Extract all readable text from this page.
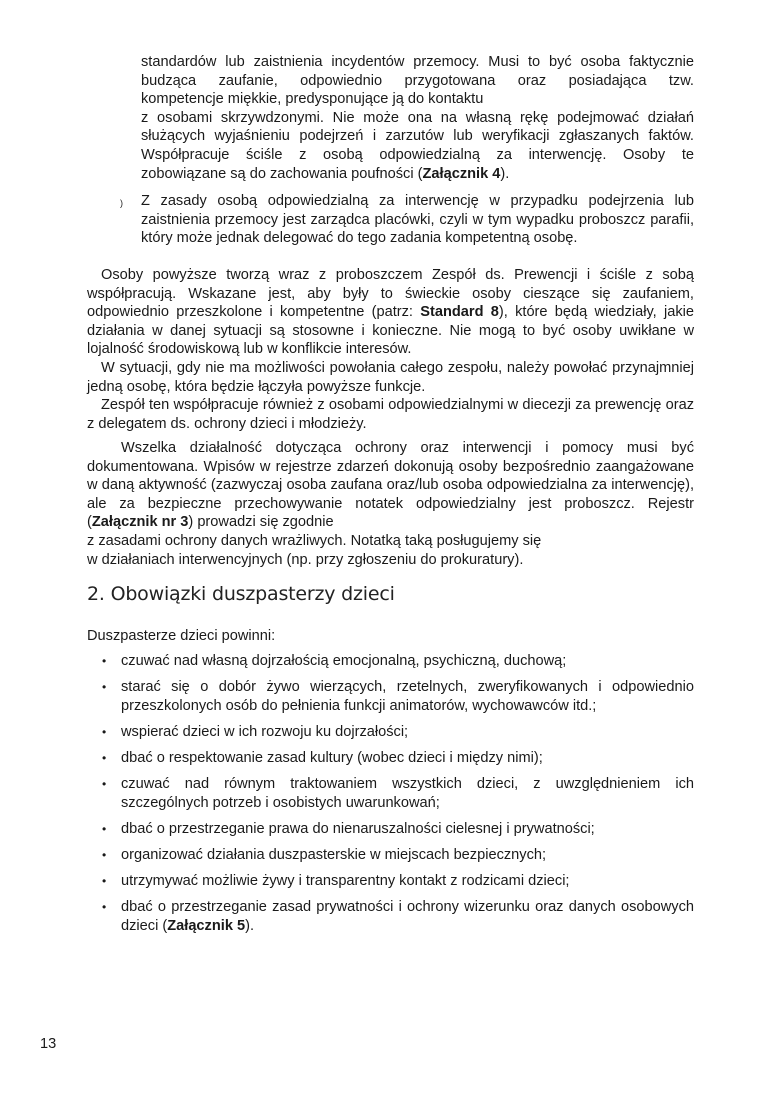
standardów lub zaistnienia incydentów przemocy. Musi to być osoba faktycznie
budząca zaufanie, odpowiednio przygotowana oraz posiadająca tzw.
kompetencje miękkie, predysponujące ją do kontaktu
z osobami skrzywdzonymi. Nie może ona na własną rękę podejmować działań
służących wyjaśnieniu podejrzeń i zarzutów lub weryfikacji zgłaszanych faktów.
Współpracuje ściśle z osobą odpowiedzialną za interwencję. Osoby te
zobowiązane są do zachowania poufności (Załącznik 4).
) Z zasady osobą odpowiedzialną za interwencję w przypadku podejrzenia lub zaistnienia przemocy jest zarządca placówki, czyli w tym wypadku proboszcz parafii, który może jednak delegować do tego zadania kompetentną osobę.

Osoby powyższe tworzą wraz z proboszczem Zespół ds. Prewencji i ściśle z sobą współpracują. Wskazane jest, aby były to świeckie osoby cieszące się zaufaniem, odpowiednio przeszkolone i kompetentne (patrz: Standard 8), które będą wiedziały, jakie działania w danej sytuacji są stosowne i konieczne. Nie mogą to być osoby uwikłane w lojalność środowiskową lub w konflikcie interesów.

W sytuacji, gdy nie ma możliwości powołania całego zespołu, należy powołać przynajmniej jedną osobę, która będzie łączyła powyższe funkcje.

Zespół ten współpracuje również z osobami odpowiedzialnymi w diecezji za prewencję oraz z delegatem ds. ochrony dzieci i młodzieży.

Wszelka działalność dotycząca ochrony oraz interwencji i pomocy musi być dokumentowana. Wpisów w rejestrze zdarzeń dokonują osoby bezpośrednio zaangażowane w daną aktywność (zazwyczaj osoba zaufana oraz/lub osoba odpowiedzialna za interwencję), ale za bezpieczne przechowywanie notatek odpowiedzialny jest proboszcz. Rejestr (Załącznik nr 3) prowadzi się zgodnie

z zasadami ochrony danych wrażliwych. Notatką taką posługujemy się
w działaniach interwencyjnych (np. przy zgłoszeniu do prokuratury).
2. Obowiązki duszpasterzy dzieci

Duszpasterze dzieci powinni:

• czuwać nad własną dojrzałością emocjonalną, psychiczną, duchową;
• starać się o dobór żywo wierzących, rzetelnych, zweryfikowanych i odpowiednio przeszkolonych osób do pełnienia funkcji animatorów, wychowawców itd.;
• wspierać dzieci w ich rozwoju ku dojrzałości;
• dbać o respektowanie zasad kultury (wobec dzieci i między nimi);
• czuwać nad równym traktowaniem wszystkich dzieci, z uwzględnieniem ich szczególnych potrzeb i osobistych uwarunkowań;
• dbać o przestrzeganie prawa do nienaruszalności cielesnej i prywatności;
• organizować działania duszpasterskie w miejscach bezpiecznych;
• utrzymywać możliwie żywy i transparentny kontakt z rodzicami dzieci;
• dbać o przestrzeganie zasad prywatności i ochrony wizerunku oraz danych osobowych dzieci (Załącznik 5).
13
